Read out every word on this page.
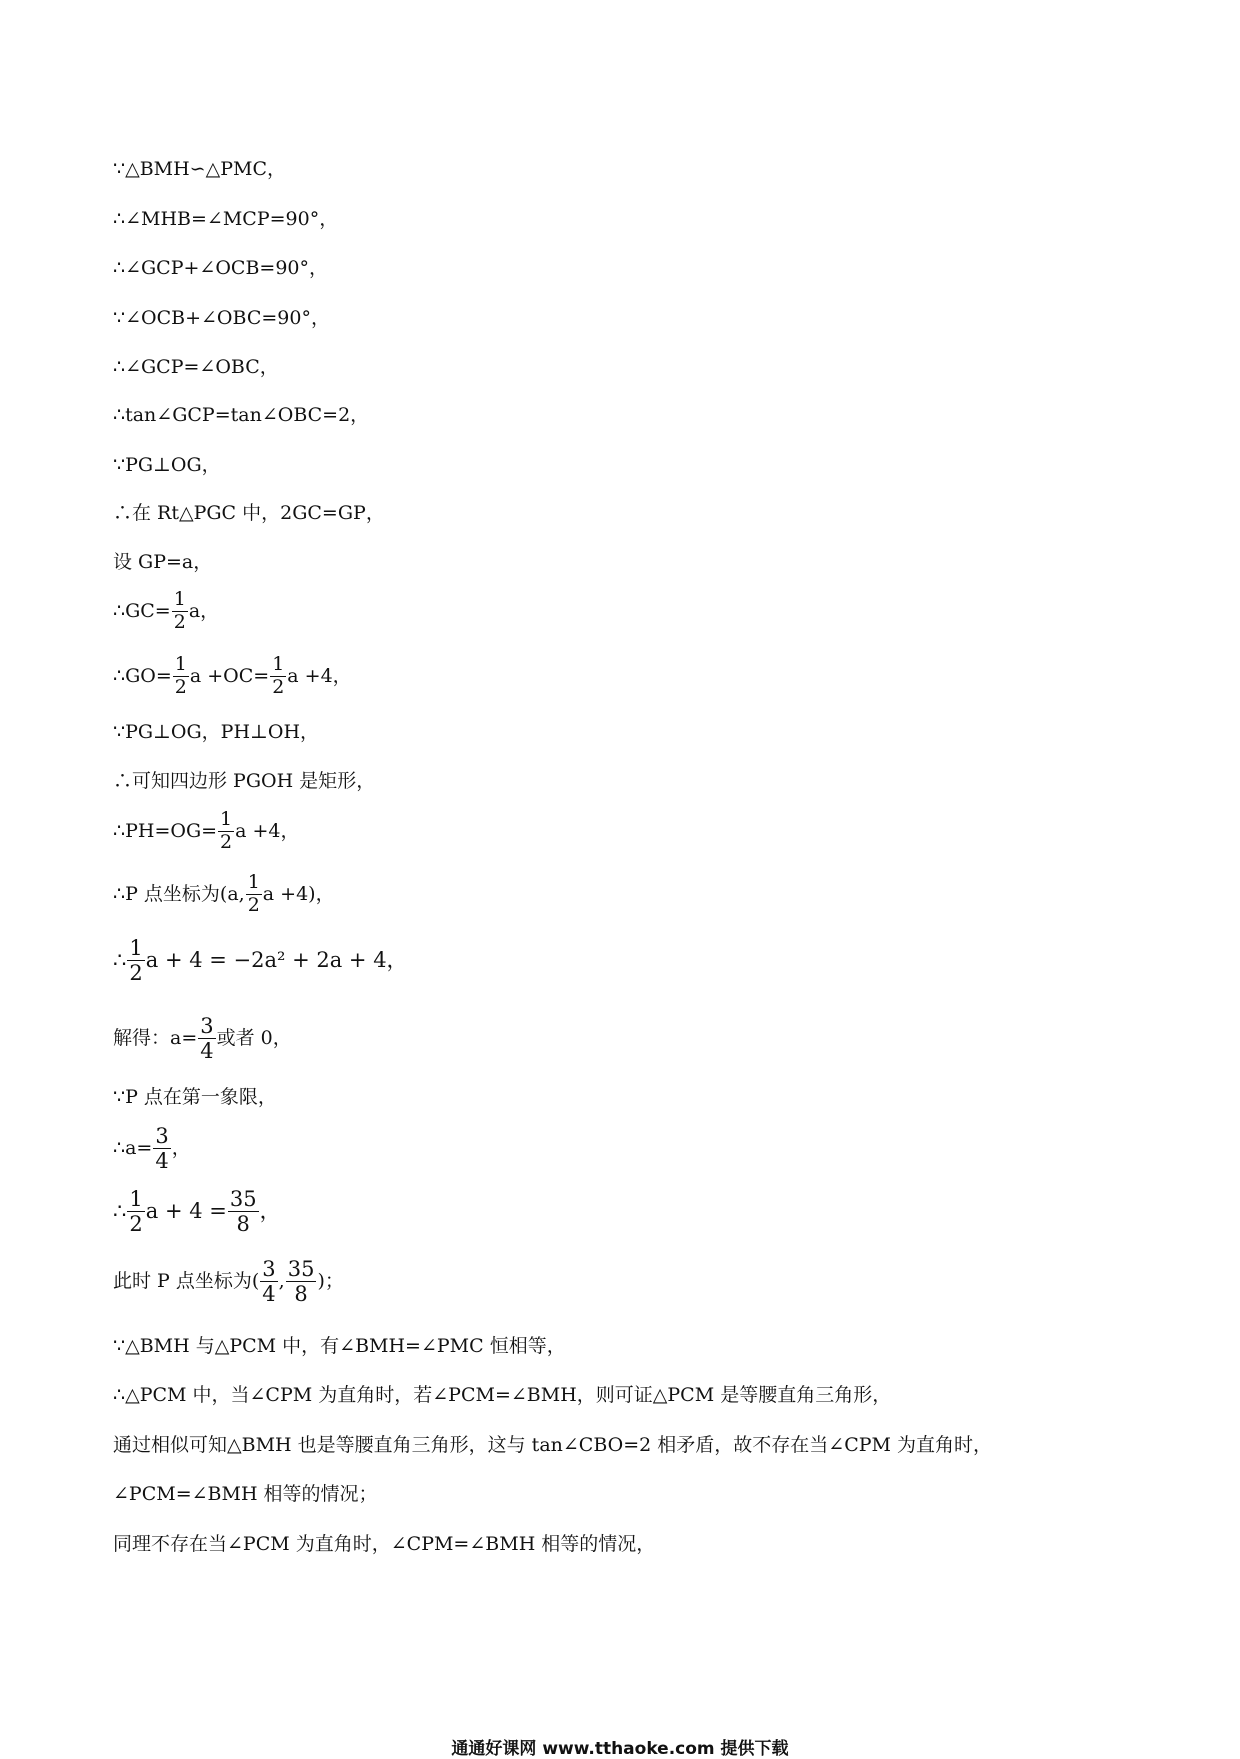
∵△BMH∽△PMC，
∴∠MHB=∠MCP=90°，
∴∠GCP+∠OCB=90°，
∵∠OCB+∠OBC=90°，
∴∠GCP=∠OBC，
∴tan∠GCP=tan∠OBC=2，
∵PG⊥OG，
∴在 Rt△PGC 中，2GC=GP，
设 GP=a，
∴GC= $\frac{1}{2}$ a，
∴GO= $\frac{1}{2}$ $a +OC= \frac{1}{2}$ a +4，
∵PG⊥OG，PH⊥OH，
∴可知四边形 PGOH 是矩形，
∴PH=OG= $\frac{1}{2}$ a +4，
∴P 点坐标为(a, $\frac{1}{2}$ a +4)，
∴ $\frac{1}{2}$ a + 4 = −2a² + 2a + 4，
解得：$a= \frac{3}{4}$ 或者 0，
∵P 点在第一象限，
∴a= $\frac{3}{4}$ ，
∴ $\frac{1}{2}$ $a + 4 = \frac{35}{8}$ ，
此时 P 点坐标为( $\frac{3}{4}$ , $\frac{35}{8}$ )；
∵△BMH 与△PCM 中，有∠BMH=∠PMC 恒相等，
∴△PCM 中，当∠CPM 为直角时，若∠PCM=∠BMH，则可证△PCM 是等腰直角三角形，
通过相似可知△BMH 也是等腰直角三角形，这与 tan∠CBO=2 相矛盾，故不存在当∠CPM 为直角时，
∠PCM=∠BMH 相等的情况；
同理不存在当∠PCM 为直角时，∠CPM=∠BMH 相等的情况，
通通好课网 www.tthaoke.com 提供下载
